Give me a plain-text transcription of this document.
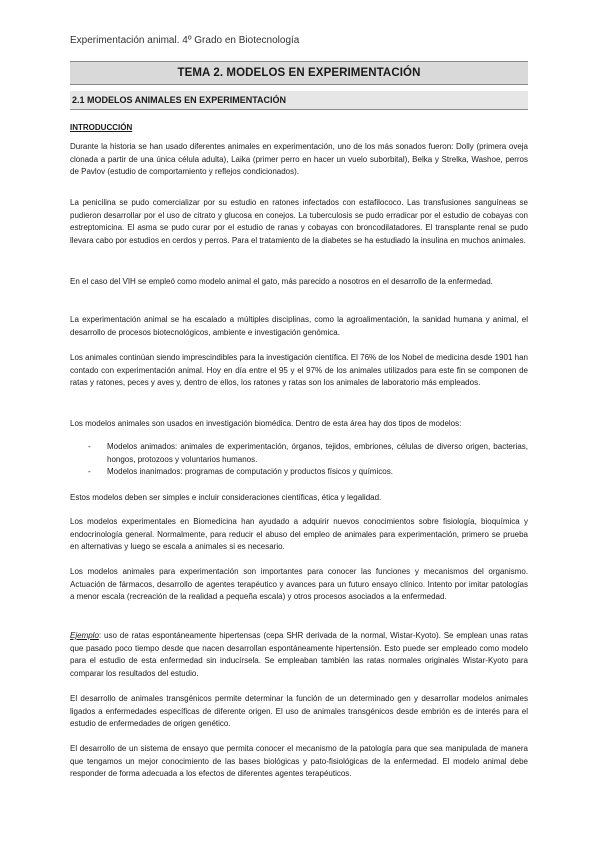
Experimentación animal. 4º Grado en Biotecnología
TEMA 2. MODELOS EN EXPERIMENTACIÓN
2.1 MODELOS ANIMALES EN EXPERIMENTACIÓN
INTRODUCCIÓN
Durante la historia se han usado diferentes animales en experimentación, uno de los más sonados fueron: Dolly (primera oveja clonada a partir de una única célula adulta), Laika (primer perro en hacer un vuelo suborbital), Belka y Strelka, Washoe, perros de Pavlov (estudio de comportamiento y reflejos condicionados).
La penicilina se pudo comercializar por su estudio en ratones infectados con estafilococo. Las transfusiones sanguíneas se pudieron desarrollar por el uso de citrato y glucosa en conejos. La tuberculosis se pudo erradicar por el estudio de cobayas con estreptomicina. El asma se pudo curar por el estudio de ranas y cobayas con broncodilatadores. El transplante renal se pudo llevara cabo por estudios en cerdos y perros. Para el tratamiento de la diabetes se ha estudiado la insulina en muchos animales.
En el caso del VIH se empleó como modelo animal el gato, más parecido a nosotros en el desarrollo de la enfermedad.
La experimentación animal se ha escalado a múltiples disciplinas, como la agroalimentación, la sanidad humana y animal, el desarrollo de procesos biotecnológicos, ambiente e investigación genómica.
Los animales continúan siendo imprescindibles para la investigación científica. El 76% de los Nobel de medicina desde 1901 han contado con experimentación animal. Hoy en día entre el 95 y el 97% de los animales utilizados para este fin se componen de ratas y ratones, peces y aves y, dentro de ellos, los ratones y ratas son los animales de laboratorio más empleados.
Los modelos animales son usados en investigación biomédica. Dentro de esta área hay dos tipos de modelos:
-	Modelos animados: animales de experimentación, órganos, tejidos, embriones, células de diverso origen, bacterias, hongos, protozoos y voluntarios humanos.
-	Modelos inanimados: programas de computación y productos físicos y químicos.
Estos modelos deben ser simples e incluir consideraciones científicas, ética y legalidad.
Los modelos experimentales en Biomedicina han ayudado a adquirir nuevos conocimientos sobre fisiología, bioquímica y endocrinología general. Normalmente, para reducir el abuso del empleo de animales para experimentación, primero se prueba en alternativas y luego se escala a animales si es necesario.
Los modelos animales para experimentación son importantes para conocer las funciones y mecanismos del organismo. Actuación de fármacos, desarrollo de agentes terapéutico y avances para un futuro ensayo clínico. Intento por imitar patologías a menor escala (recreación de la realidad a pequeña escala) y otros procesos asociados a la enfermedad.
Ejemplo: uso de ratas espontáneamente hipertensas (cepa SHR derivada de la normal, Wistar-Kyoto). Se emplean unas ratas que pasado poco tiempo desde que nacen desarrollan espontáneamente hipertensión. Esto puede ser empleado como modelo para el estudio de esta enfermedad sin inducírsela. Se empleaban también las ratas normales originales Wistar-Kyoto para comparar los resultados del estudio.
El desarrollo de animales transgénicos permite determinar la función de un determinado gen y desarrollar modelos animales ligados a enfermedades específicas de diferente origen. El uso de animales transgénicos desde embrión es de interés para el estudio de enfermedades de origen genético.
El desarrollo de un sistema de ensayo que permita conocer el mecanismo de la patología para que sea manipulada de manera que tengamos un mejor conocimiento de las bases biológicas y pato-fisiológicas de la enfermedad. El modelo animal debe responder de forma adecuada a los efectos de diferentes agentes terapéuticos.
